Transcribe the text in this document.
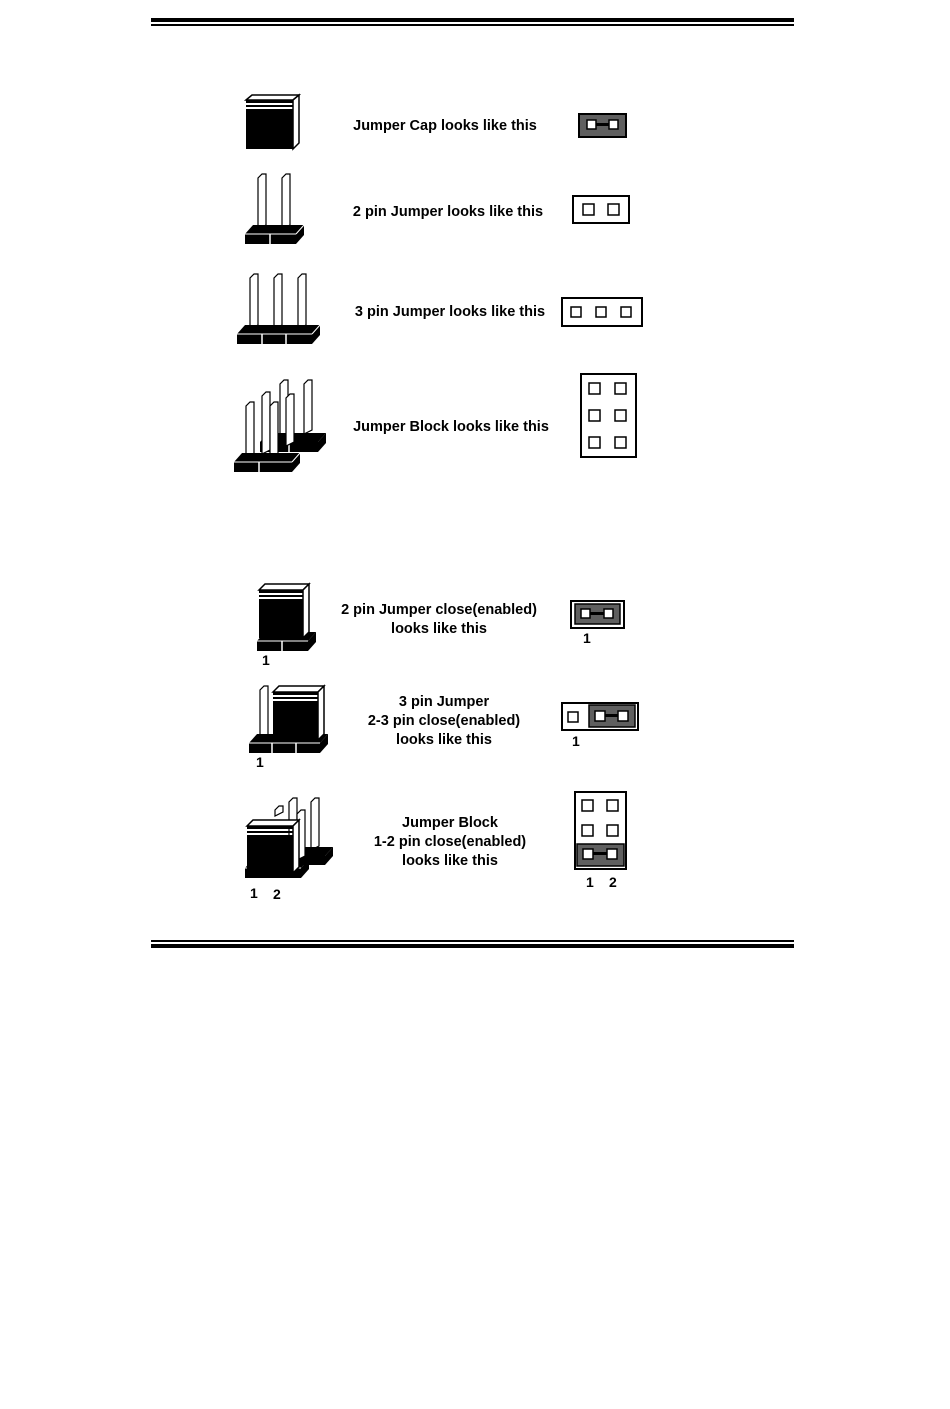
Jumper Cap looks like this
2 pin Jumper looks like this
3 pin Jumper looks like this
Jumper Block looks like this
1
2 pin Jumper close(enabled)
looks like this
1
1
3 pin Jumper
2-3 pin close(enabled)
looks like this	1
1 2
Jumper Block
1-2 pin close(enabled)
looks like this
1 2
